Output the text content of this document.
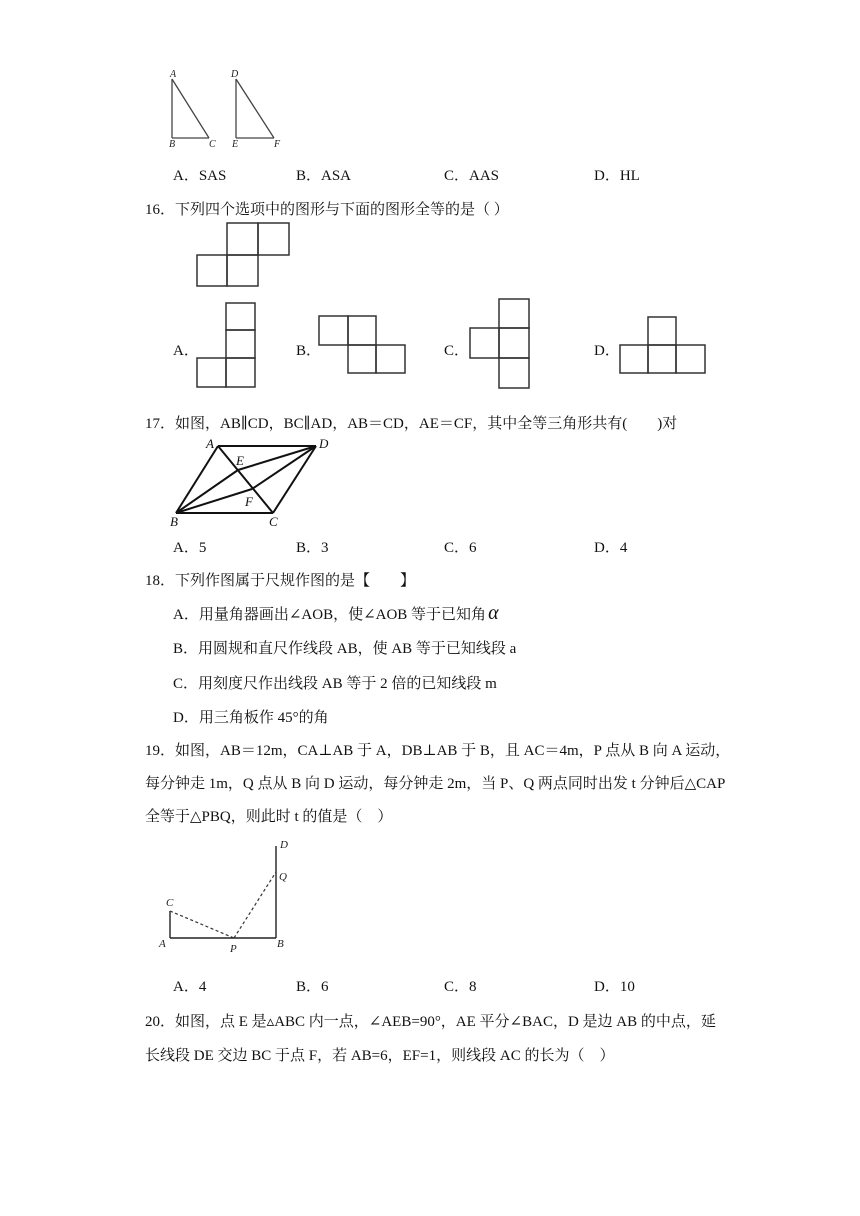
A
B	C
D
E	F
A．SAS	B．ASA	C．AAS	D．HL
16．下列四个选项中的图形与下面的图形全等的是（ ）
A．	B．	C．	D．
17．如图，AB∥CD，BC∥AD，AB＝CD，AE＝CF，其中全等三角形共有(　　)对
A	D
E
F
B	C
A．5	B．3	C．6	D．4
18．下列作图属于尺规作图的是【　　】
A．用量角器画出∠AOB，使∠AOB 等于已知角 α
B．用圆规和直尺作线段 AB，使 AB 等于已知线段 a
C．用刻度尺作出线段 AB 等于 2 倍的已知线段 m
D．用三角板作 45°的角
19．如图，AB＝12m，CA⊥AB 于 A，DB⊥AB 于 B，且 AC＝4m，P 点从 B 向 A 运动，
每分钟走 1m，Q 点从 B 向 D 运动，每分钟走 2m，当 P、Q 两点同时出发 t 分钟后△CAP
全等于△PBQ，则此时 t 的值是（　）
D
Q
C
A	P	B
A．4	B．6	C．8	D．10
20．如图，点 E 是▵ABC 内一点，∠AEB=90°，AE 平分∠BAC，D 是边 AB 的中点，延
长线段 DE 交边 BC 于点 F，若 AB=6，EF=1，则线段 AC 的长为（　）
